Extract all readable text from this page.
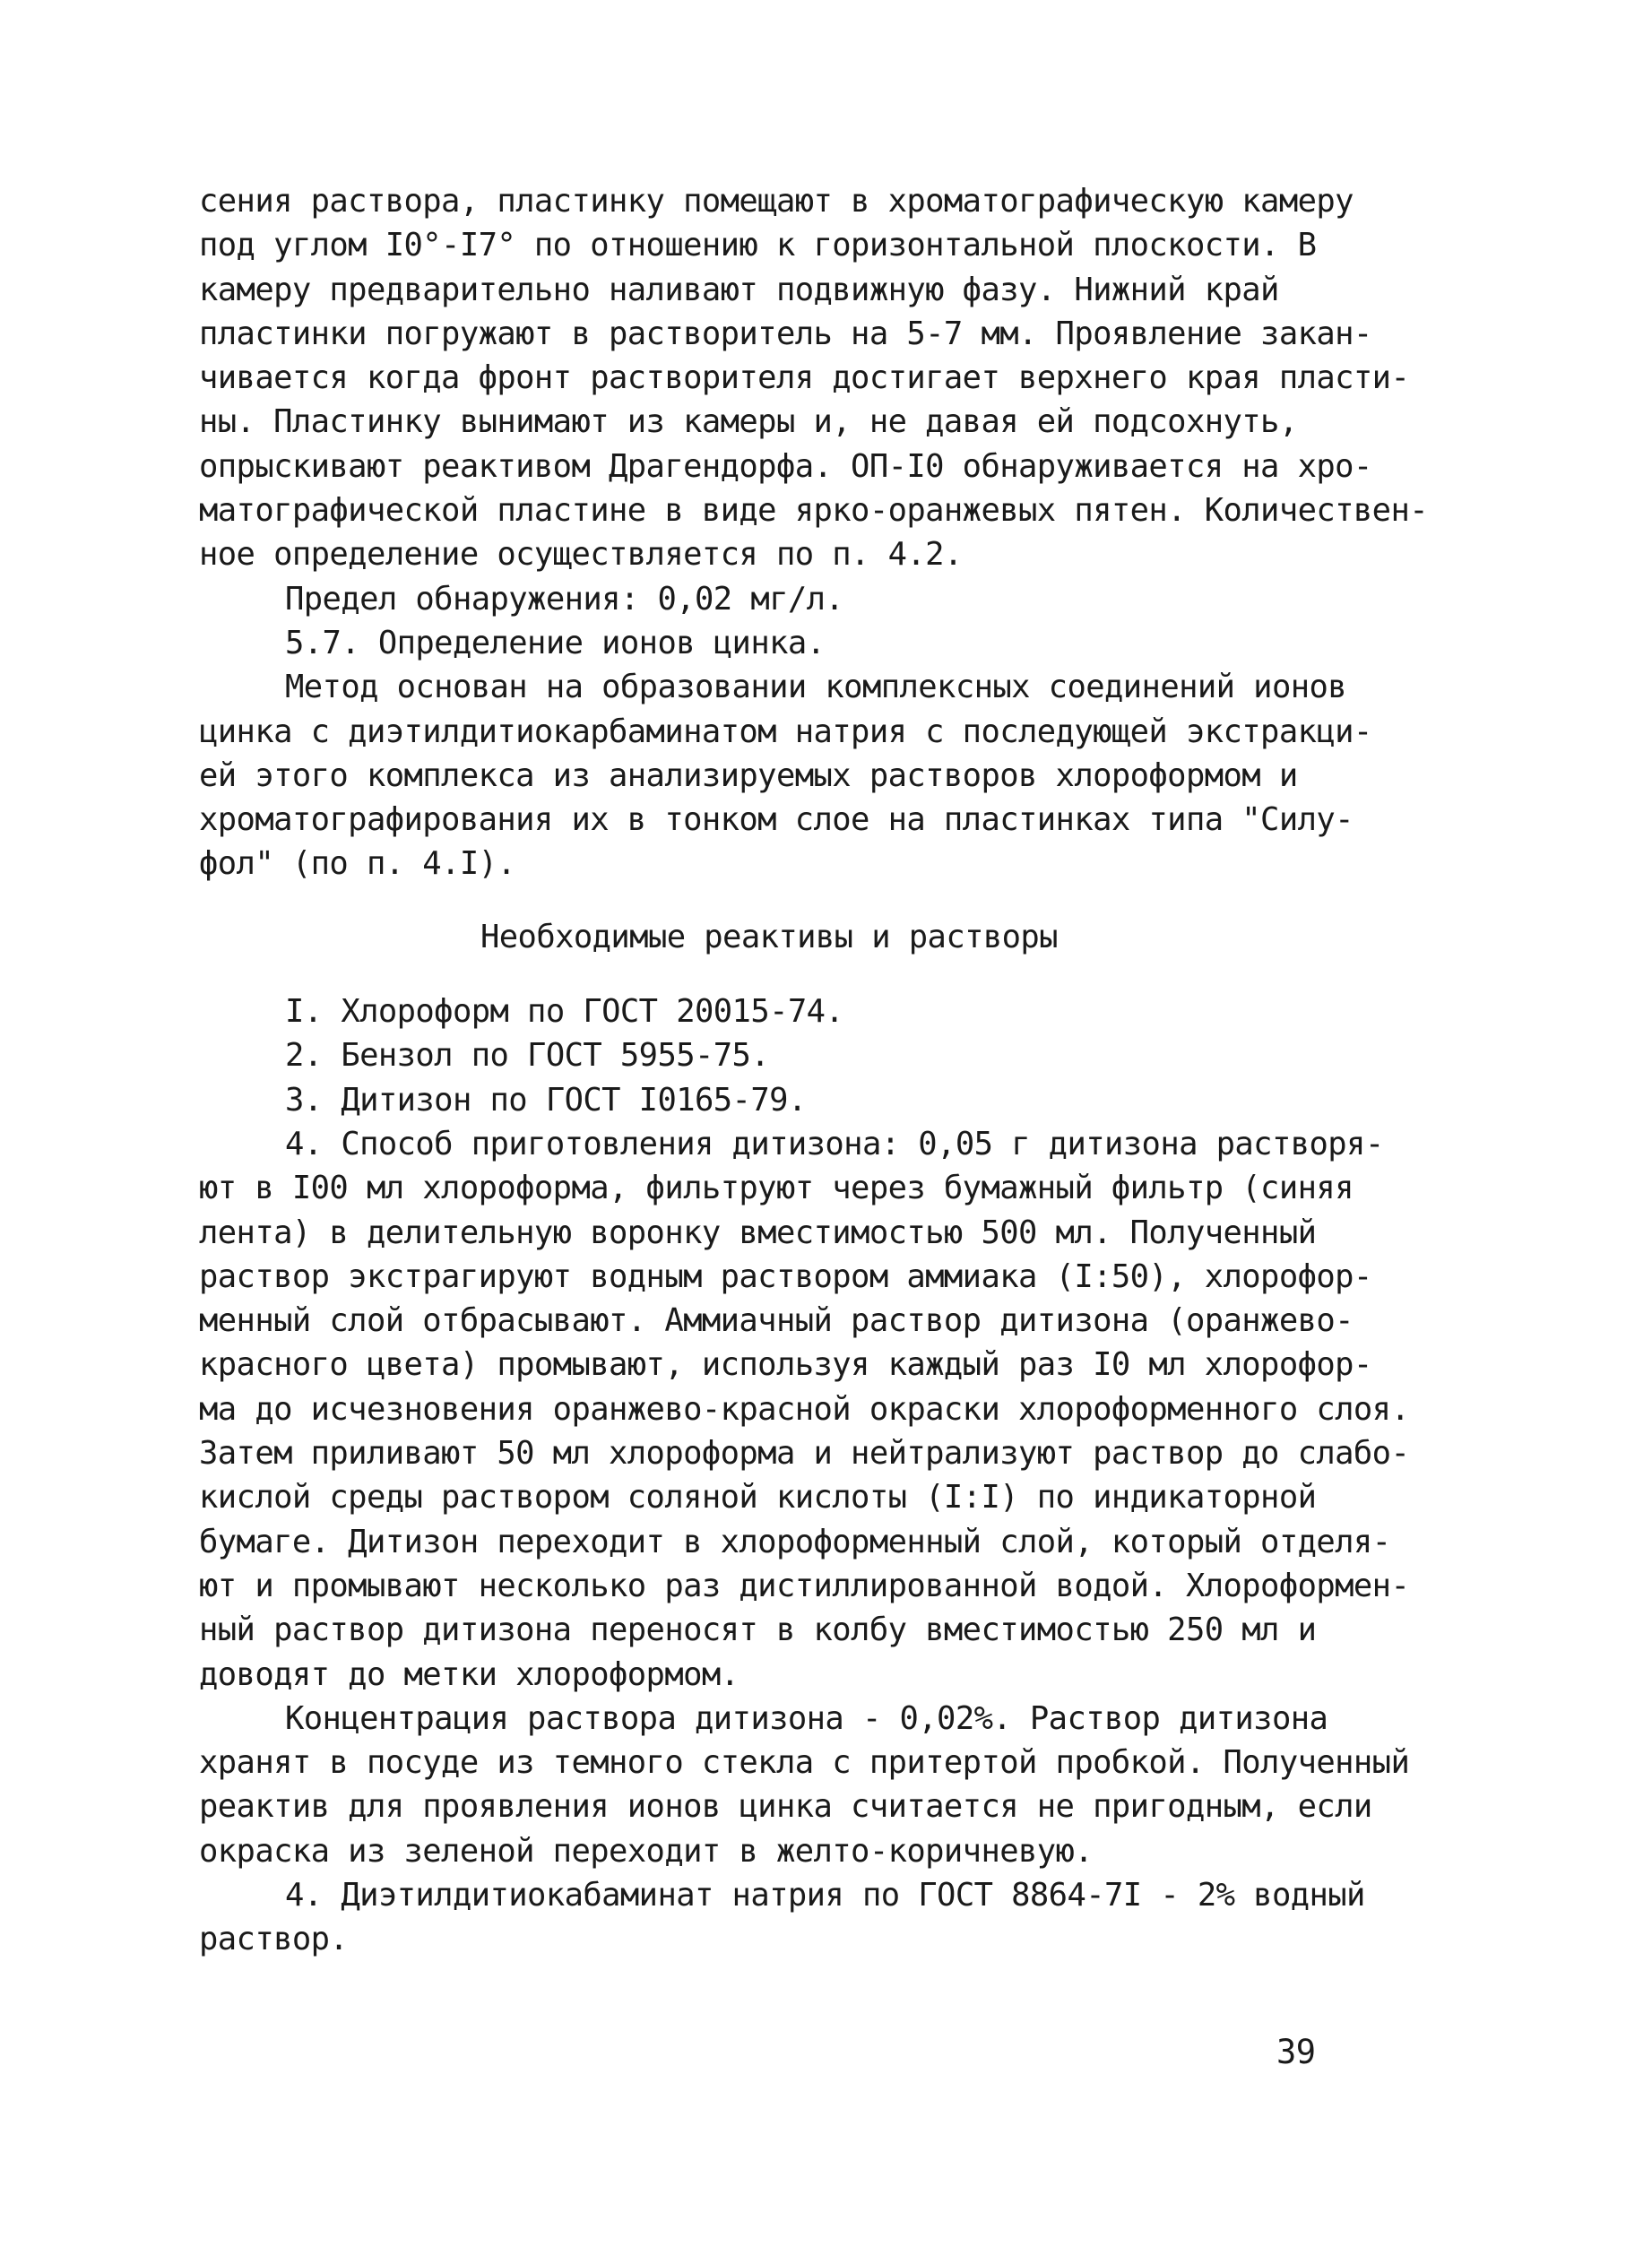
сения раствора, пластинку помещают в хроматографическую камеру
под углом I0°-I7° по отношению к горизонтальной плоскости. В
камеру предварительно наливают подвижную фазу. Нижний край
пластинки погружают в растворитель на 5-7 мм. Проявление закан-
чивается когда фронт растворителя достигает верхнего края пласти-
ны. Пластинку вынимают из камеры и, не давая ей подсохнуть,
опрыскивают реактивом Драгендорфа. ОП-I0 обнаруживается на хро-
матографической пластине в виде ярко-оранжевых пятен. Количествен-
ное определение осуществляется по п. 4.2.
Предел обнаружения: 0,02 мг/л.
5.7. Определение ионов цинка.
Метод основан на образовании комплексных соединений ионов
цинка с диэтилдитиокарбаминатом натрия с последующей экстракци-
ей этого комплекса из анализируемых растворов хлороформом и
хроматографирования их в тонком слое на пластинках типа "Силу-
фол" (по п. 4.I).
Необходимые реактивы и растворы
I. Хлороформ по ГОСТ 20015-74.
2. Бензол по ГОСТ 5955-75.
3. Дитизон по ГОСТ I0165-79.
4. Способ приготовления дитизона: 0,05 г дитизона растворя-
ют в I00 мл хлороформа, фильтруют через бумажный фильтр (синяя
лента) в делительную воронку вместимостью 500 мл. Полученный
раствор экстрагируют водным раствором аммиака (I:50), хлорофор-
менный слой отбрасывают. Аммиачный раствор дитизона (оранжево-
красного цвета) промывают, используя каждый раз I0 мл хлорофор-
ма до исчезновения оранжево-красной окраски хлороформенного слоя.
Затем приливают 50 мл хлороформа и нейтрализуют раствор до слабо-
кислой среды раствором соляной кислоты (I:I) по индикаторной
бумаге. Дитизон переходит в хлороформенный слой, который отделя-
ют и промывают несколько раз дистиллированной водой. Хлороформен-
ный раствор дитизона переносят в колбу вместимостью 250 мл и
доводят до метки хлороформом.
Концентрация раствора дитизона - 0,02%. Раствор дитизона
хранят в посуде из темного стекла с притертой пробкой. Полученный
реактив для проявления ионов цинка считается не пригодным, если
окраска из зеленой переходит в желто-коричневую.
4. Диэтилдитиокабаминат натрия по ГОСТ 8864-7I - 2% водный
раствор.
39
